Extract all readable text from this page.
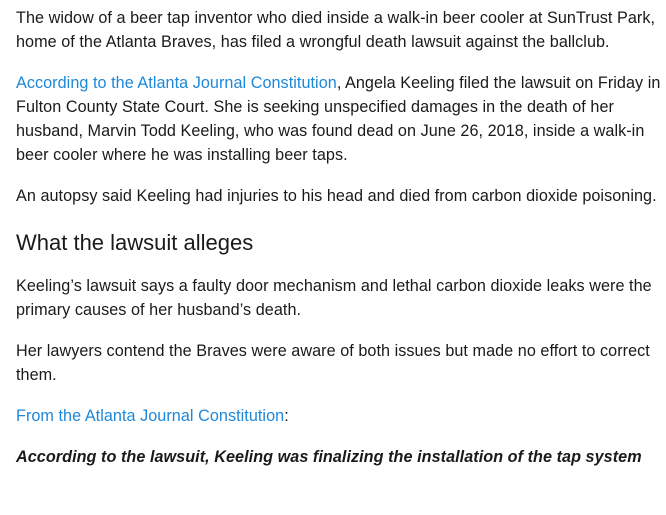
The widow of a beer tap inventor who died inside a walk-in beer cooler at SunTrust Park, home of the Atlanta Braves, has filed a wrongful death lawsuit against the ballclub.

According to the Atlanta Journal Constitution, Angela Keeling filed the lawsuit on Friday in Fulton County State Court. She is seeking unspecified damages in the death of her husband, Marvin Todd Keeling, who was found dead on June 26, 2018, inside a walk-in beer cooler where he was installing beer taps.

An autopsy said Keeling had injuries to his head and died from carbon dioxide poisoning.

What the lawsuit alleges

Keeling’s lawsuit says a faulty door mechanism and lethal carbon dioxide leaks were the primary causes of her husband’s death.

Her lawyers contend the Braves were aware of both issues but made no effort to correct them.

From the Atlanta Journal Constitution:

According to the lawsuit, Keeling was finalizing the installation of the tap system
